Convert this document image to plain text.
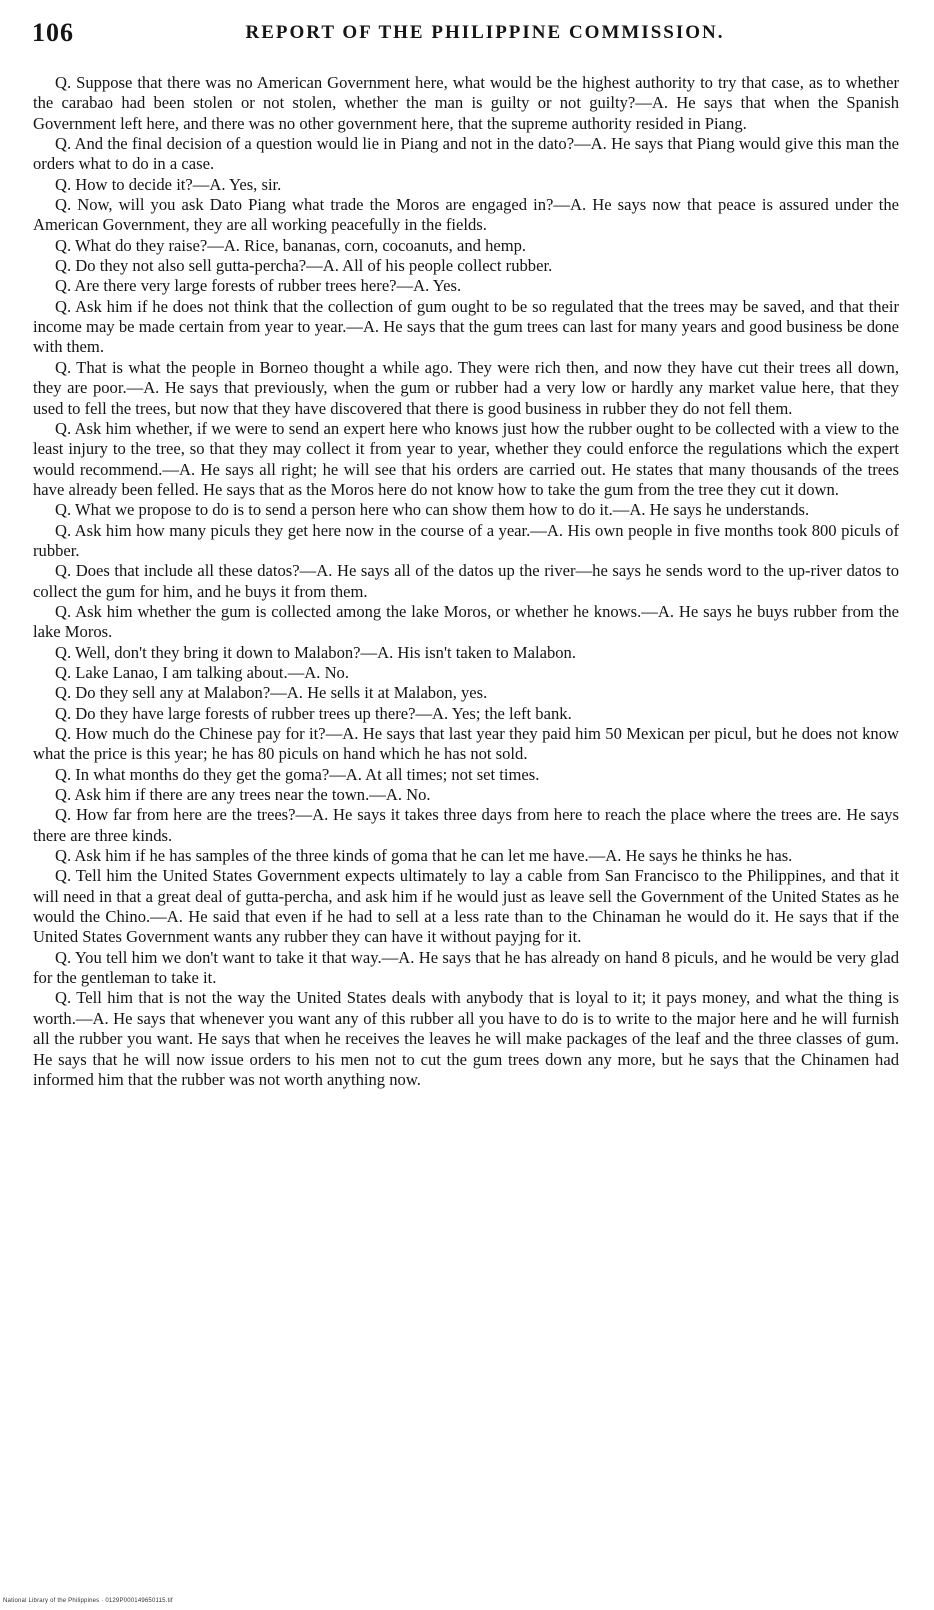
106	REPORT OF THE PHILIPPINE COMMISSION.

Q. Suppose that there was no American Government here, what would be the highest authority to try that case, as to whether the carabao had been stolen or not stolen, whether the man is guilty or not guilty?—A. He says that when the Spanish Government left here, and there was no other government here, that the supreme authority resided in Piang.

Q. And the final decision of a question would lie in Piang and not in the dato?—A. He says that Piang would give this man the orders what to do in a case.

Q. How to decide it?—A. Yes, sir.

Q. Now, will you ask Dato Piang what trade the Moros are engaged in?—A. He says now that peace is assured under the American Government, they are all working peacefully in the fields.

Q. What do they raise?—A. Rice, bananas, corn, cocoanuts, and hemp.

Q. Do they not also sell gutta-percha?—A. All of his people collect rubber.

Q. Are there very large forests of rubber trees here?—A. Yes.

Q. Ask him if he does not think that the collection of gum ought to be so regulated that the trees may be saved, and that their income may be made certain from year to year.—A. He says that the gum trees can last for many years and good business be done with them.

Q. That is what the people in Borneo thought a while ago. They were rich then, and now they have cut their trees all down, they are poor.—A. He says that previously, when the gum or rubber had a very low or hardly any market value here, that they used to fell the trees, but now that they have discovered that there is good business in rubber they do not fell them.

Q. Ask him whether, if we were to send an expert here who knows just how the rubber ought to be collected with a view to the least injury to the tree, so that they may collect it from year to year, whether they could enforce the regulations which the expert would recommend.—A. He says all right; he will see that his orders are carried out. He states that many thousands of the trees have already been felled. He says that as the Moros here do not know how to take the gum from the tree they cut it down.

Q. What we propose to do is to send a person here who can show them how to do it.—A. He says he understands.

Q. Ask him how many piculs they get here now in the course of a year.—A. His own people in five months took 800 piculs of rubber.

Q. Does that include all these datos?—A. He says all of the datos up the river—he says he sends word to the up-river datos to collect the gum for him, and he buys it from them.

Q. Ask him whether the gum is collected among the lake Moros, or whether he knows.—A. He says he buys rubber from the lake Moros.

Q. Well, don't they bring it down to Malabon?—A. His isn't taken to Malabon.

Q. Lake Lanao, I am talking about.—A. No.

Q. Do they sell any at Malabon?—A. He sells it at Malabon, yes.

Q. Do they have large forests of rubber trees up there?—A. Yes; the left bank.

Q. How much do the Chinese pay for it?—A. He says that last year they paid him 50 Mexican per picul, but he does not know what the price is this year; he has 80 piculs on hand which he has not sold.

Q. In what months do they get the goma?—A. At all times; not set times.

Q. Ask him if there are any trees near the town.—A. No.

Q. How far from here are the trees?—A. He says it takes three days from here to reach the place where the trees are. He says there are three kinds.

Q. Ask him if he has samples of the three kinds of goma that he can let me have.—A. He says he thinks he has.

Q. Tell him the United States Government expects ultimately to lay a cable from San Francisco to the Philippines, and that it will need in that a great deal of gutta-percha, and ask him if he would just as leave sell the Government of the United States as he would the Chino.—A. He said that even if he had to sell at a less rate than to the Chinaman he would do it. He says that if the United States Government wants any rubber they can have it without payjng for it.

Q. You tell him we don't want to take it that way.—A. He says that he has already on hand 8 piculs, and he would be very glad for the gentleman to take it.

Q. Tell him that is not the way the United States deals with anybody that is loyal to it; it pays money, and what the thing is worth.—A. He says that whenever you want any of this rubber all you have to do is to write to the major here and he will furnish all the rubber you want. He says that when he receives the leaves he will make packages of the leaf and the three classes of gum. He says that he will now issue orders to his men not to cut the gum trees down any more, but he says that the Chinamen had informed him that the rubber was not worth anything now.

National Library of the Philippines · 0129P000149650115.tif
